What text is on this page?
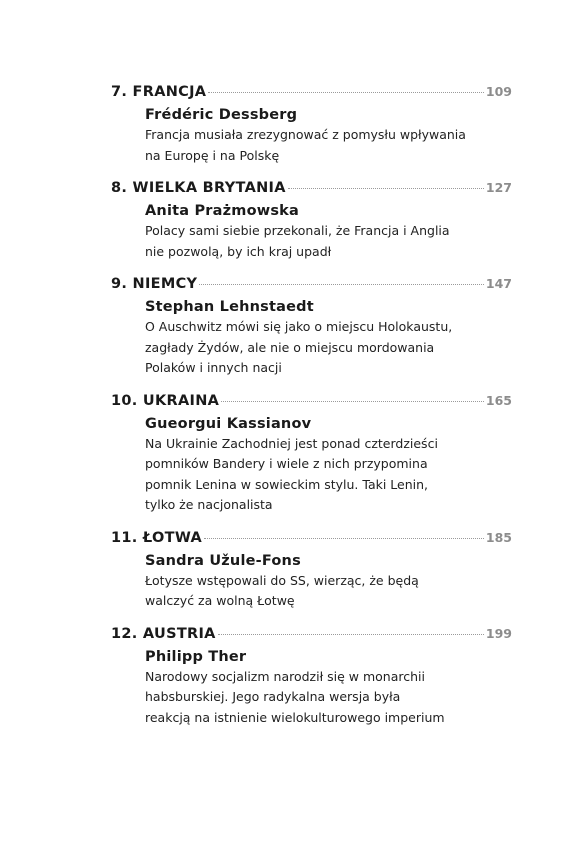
7. FRANCJA	109
Frédéric Dessberg
Francja musiała zrezygnować z pomysłu wpływania
na Europę i na Polskę
8. WIELKA BRYTANIA	127
Anita Prażmowska
Polacy sami siebie przekonali, że Francja i Anglia
nie pozwolą, by ich kraj upadł
9. NIEMCY	147
Stephan Lehnstaedt
O Auschwitz mówi się jako o miejscu Holokaustu,
zagłady Żydów, ale nie o miejscu mordowania
Polaków i innych nacji
10. UKRAINA	165
Gueorgui Kassianov
Na Ukrainie Zachodniej jest ponad czterdzieści
pomników Bandery i wiele z nich przypomina
pomnik Lenina w sowieckim stylu. Taki Lenin,
tylko że nacjonalista
11. ŁOTWA	185
Sandra Užule-Fons
Łotysze wstępowali do SS, wierząc, że będą
walczyć za wolną Łotwę
12. AUSTRIA	199
Philipp Ther
Narodowy socjalizm narodził się w monarchii
habsburskiej. Jego radykalna wersja była
reakcją na istnienie wielokulturowego imperium
